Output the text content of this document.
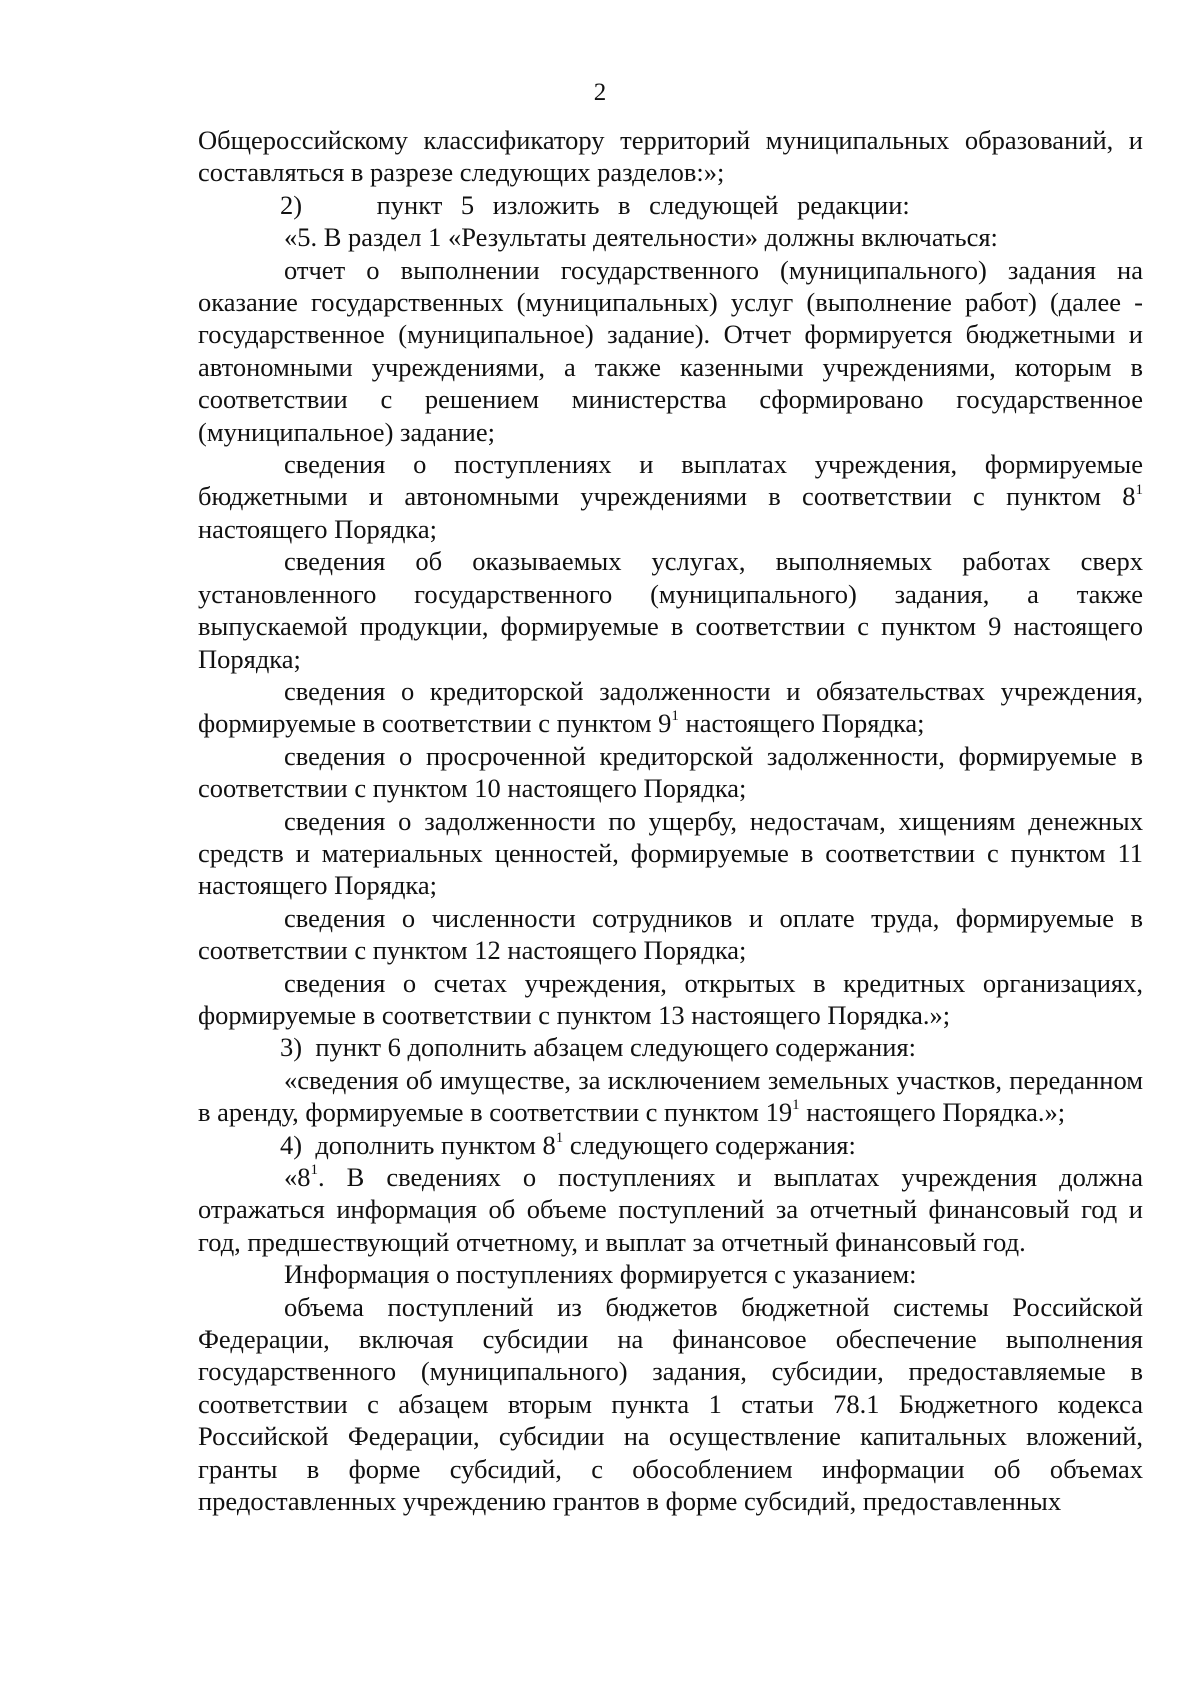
2

Общероссийскому классификатору территорий муниципальных образований, и составляться в разрезе следующих разделов:»;

2)    пункт 5 изложить в следующей редакции:

«5. В раздел 1 «Результаты деятельности» должны включаться:

отчет о выполнении государственного (муниципального) задания на оказание государственных (муниципальных) услуг (выполнение работ) (далее - государственное (муниципальное) задание). Отчет формируется бюджетными и автономными учреждениями, а также казенными учреждениями, которым в соответствии с решением министерства сформировано государственное (муниципальное) задание;

сведения о поступлениях и выплатах учреждения, формируемые бюджетными и автономными учреждениями в соответствии с пунктом $8^1$ настоящего Порядка;

сведения об оказываемых услугах, выполняемых работах сверх установленного государственного (муниципального) задания, а также выпускаемой продукции, формируемые в соответствии с пунктом 9 настоящего Порядка;

сведения о кредиторской задолженности и обязательствах учреждения, формируемые в соответствии с пунктом $9^1$ настоящего Порядка;

сведения о просроченной кредиторской задолженности, формируемые в соответствии с пунктом 10 настоящего Порядка;

сведения о задолженности по ущербу, недостачам, хищениям денежных средств и материальных ценностей, формируемые в соответствии с пунктом 11 настоящего Порядка;

сведения о численности сотрудников и оплате труда, формируемые в соответствии с пунктом 12 настоящего Порядка;

сведения о счетах учреждения, открытых в кредитных организациях, формируемые в соответствии с пунктом 13 настоящего Порядка.»;

3)  пункт 6 дополнить абзацем следующего содержания:

«сведения об имуществе, за исключением земельных участков, переданном в аренду, формируемые в соответствии с пунктом $19^1$ настоящего Порядка.»;

4)  дополнить пунктом $8^1$ следующего содержания:

«$8^1$. В сведениях о поступлениях и выплатах учреждения должна отражаться информация об объеме поступлений за отчетный финансовый год и год, предшествующий отчетному, и выплат за отчетный финансовый год.

Информация о поступлениях формируется с указанием:

объема поступлений из бюджетов бюджетной системы Российской Федерации, включая субсидии на финансовое обеспечение выполнения государственного (муниципального) задания, субсидии, предоставляемые в соответствии с абзацем вторым пункта 1 статьи 78.1 Бюджетного кодекса Российской Федерации, субсидии на осуществление капитальных вложений, гранты в форме субсидий, с обособлением информации об объемах предоставленных учреждению грантов в форме субсидий, предоставленных
